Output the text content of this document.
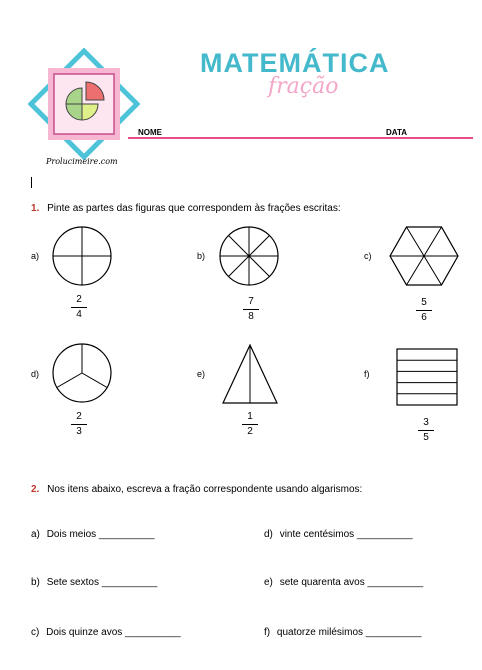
MATEMÁTICA
fração
NOME	DATA
Prolucimeire.com
1. Pinte as partes das figuras que correspondem às frações escritas:
a)	b)	c)
2
4
7
8
5
6
d)	e)	f)
2
3
1
2
3
5
2. Nos itens abaixo, escreva a fração correspondente usando algarismos:
a) Dois meios __________	d) vinte centésimos __________
b) Sete sextos __________	e) sete quarenta avos __________
c) Dois quinze avos __________	f) quatorze milésimos __________
